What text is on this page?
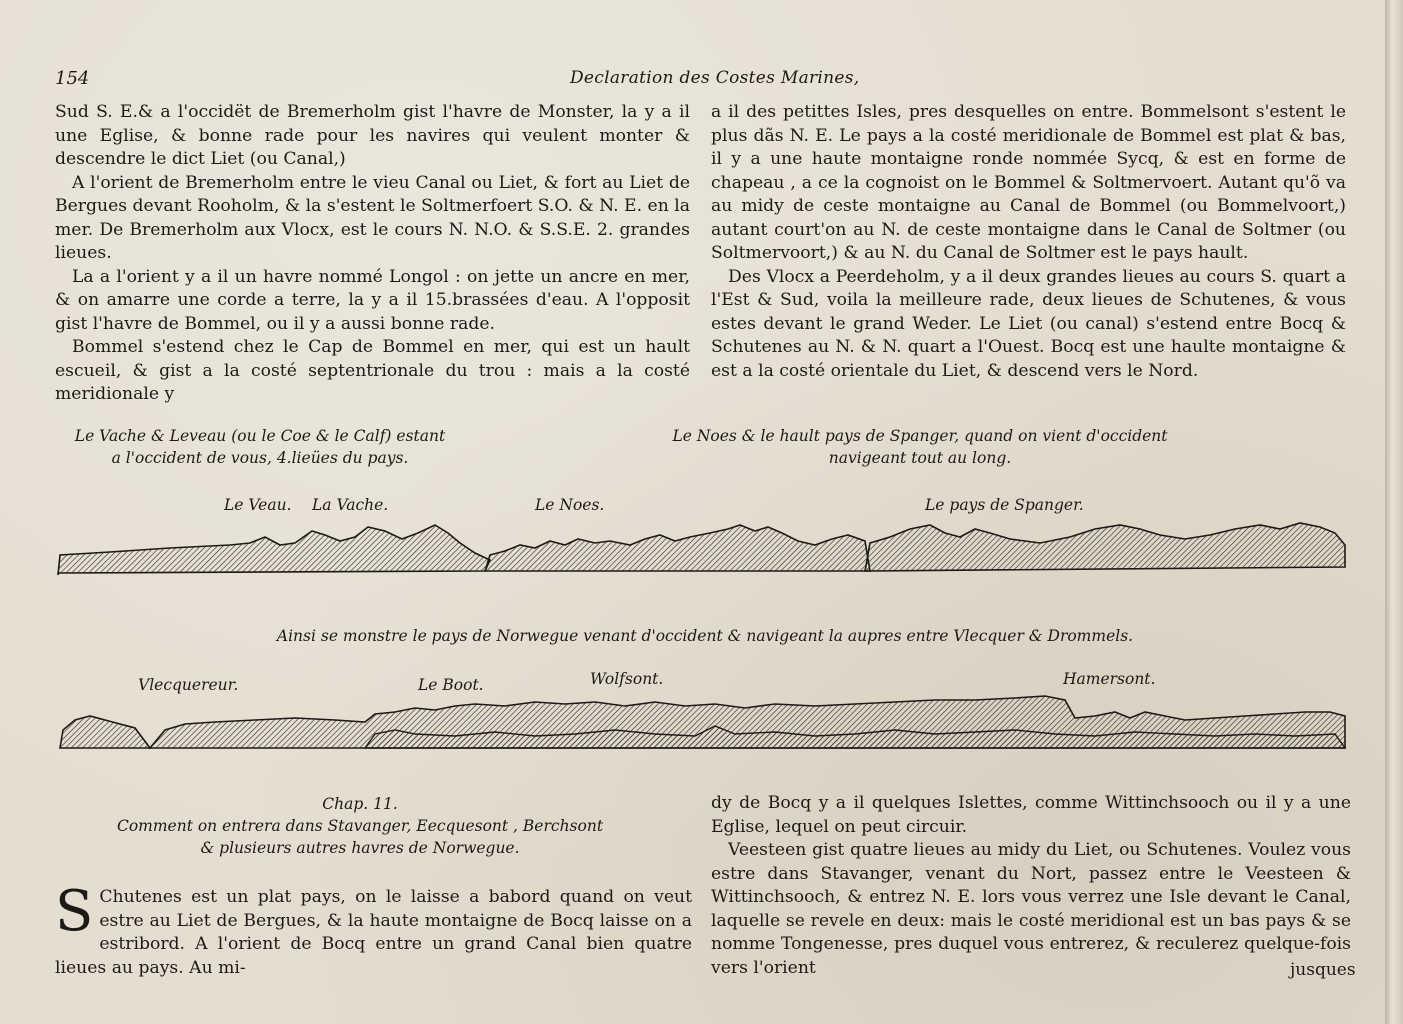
154	Declaration des Costes Marines,

Sud S. E.& a l'occidët de Bremerholm gist l'havre de Monster, la y a il une Eglise, & bonne rade pour les navires qui veulent monter & descendre le dict Liet (ou Canal,)

A l'orient de Bremerholm entre le vieu Canal ou Liet, & fort au Liet de Bergues devant Rooholm, & la s'estent le Soltmerfoert S.O. & N. E. en la mer. De Bremerholm aux Vlocx, est le cours N. N.O. & S.S.E. 2. grandes lieues.

La a l'orient y a il un havre nommé Longol : on jette un ancre en mer, & on amarre une corde a terre, la y a il 15.brassées d'eau. A l'opposit gist l'havre de Bommel, ou il y a aussi bonne rade.

Bommel s'estend chez le Cap de Bommel en mer, qui est un hault escueil, & gist a la costé septentrionale du trou : mais a la costé meridionale y

a il des petittes Isles, pres desquelles on entre. Bommelsont s'estent le plus dãs N. E. Le pays a la costé meridionale de Bommel est plat & bas, il y a une haute montaigne ronde nommée Sycq, & est en forme de chapeau , a ce la cognoist on le Bommel & Soltmervoert. Autant qu'õ va au midy de ceste montaigne au Canal de Bommel (ou Bommelvoort,) autant court'on au N. de ceste montaigne dans le Canal de Soltmer (ou Soltmervoort,) & au N. du Canal de Soltmer est le pays hault.

Des Vlocx a Peerdeholm, y a il deux grandes lieues au cours S. quart a l'Est & Sud, voila la meilleure rade, deux lieues de Schutenes, & vous estes devant le grand Weder. Le Liet (ou canal) s'estend entre Bocq & Schutenes au N. & N. quart a l'Ouest. Bocq est une haulte montaigne & est a la costé orientale du Liet, & descend vers le Nord.

Le Vache & Leveau (ou le Coe & le Calf) estant
a l'occident de vous, 4.lieües du pays.
Le Noes & le hault pays de Spanger, quand on vient d'occident
navigeant tout au long.
Le Veau. La Vache.	Le Noes.	Le pays de Spanger.
Ainsi se monstre le pays de Norwegue venant d'occident & navigeant la aupres entre Vlecquer & Drommels.
Vlecquereur.	Le Boot.	Wolfsont.	Hamersont.
Chap. 11.
Comment on entrera dans Stavanger, Eecquesont , Berchsont
& plusieurs autres havres de Norwegue.
S Chutenes est un plat pays, on le laisse a babord quand on veut estre au Liet de Bergues, & la haute montaigne de Bocq laisse on a estribord. A l'orient de Bocq entre un grand Canal bien quatre lieues au pays. Au mi-

dy de Bocq y a il quelques Islettes, comme Wittinchsooch ou il y a une Eglise, lequel on peut circuir.

Veesteen gist quatre lieues au midy du Liet, ou Schutenes. Voulez vous estre dans Stavanger, venant du Nort, passez entre le Veesteen & Wittinchsooch, & entrez N. E. lors vous verrez une Isle devant le Canal, laquelle se revele en deux: mais le costé meridional est un bas pays & se nomme Tongenesse, pres duquel vous entrerez, & reculerez quelque-fois vers l'orient	jusques
